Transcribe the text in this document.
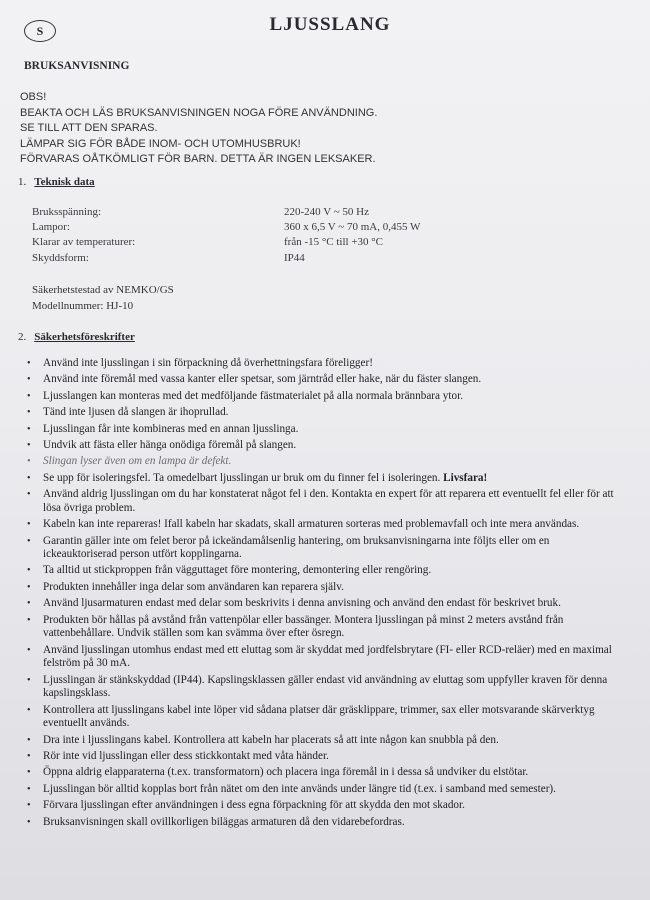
S	LJUSSLANG
BRUKSANVISNING
OBS!
BEAKTA OCH LÄS BRUKSANVISNINGEN NOGA FÖRE ANVÄNDNING.
SE TILL ATT DEN SPARAS.
LÄMPAR SIG FÖR BÅDE INOM- OCH UTOMHUSBRUK!
FÖRVARAS OÅTKÖMLIGT FÖR BARN. DETTA ÄR INGEN LEKSAKER.
1. Teknisk data
Bruksspänning:	220-240 V ~ 50 Hz
Lampor:	360 x 6,5 V ~ 70 mA, 0,455 W
Klarar av temperaturer:	från -15 °C till +30 °C
Skyddsform:	IP44
Säkerhetstestad av NEMKO/GS
Modellnummer: HJ-10
2. Säkerhetsföreskrifter
• Använd inte ljusslingan i sin förpackning då överhettningsfara föreligger!
• Använd inte föremål med vassa kanter eller spetsar, som järntråd eller hake, när du fäster slangen.
• Ljusslangen kan monteras med det medföljande fästmaterialet på alla normala brännbara ytor.
• Tänd inte ljusen då slangen är ihoprullad.
• Ljusslingan får inte kombineras med en annan ljusslinga.
• Undvik att fästa eller hänga onödiga föremål på slangen.
• Slingan lyser även om en lampa är defekt.
• Se upp för isoleringsfel. Ta omedelbart ljusslingan ur bruk om du finner fel i isoleringen. Livsfara!
• Använd aldrig ljusslingan om du har konstaterat något fel i den. Kontakta en expert för att reparera ett eventuellt fel eller för att lösa övriga problem.
• Kabeln kan inte repareras! Ifall kabeln har skadats, skall armaturen sorteras med problemavfall och inte mera användas.
• Garantin gäller inte om felet beror på ickeändamålsenlig hantering, om bruksanvisningarna inte följts eller om en ickeauktoriserad person utfört kopplingarna.
• Ta alltid ut stickproppen från vägguttaget före montering, demontering eller rengöring.
• Produkten innehåller inga delar som användaren kan reparera själv.
• Använd ljusarmaturen endast med delar som beskrivits i denna anvisning och använd den endast för beskrivet bruk.
• Produkten bör hållas på avstånd från vattenpölar eller bassänger. Montera ljusslingan på minst 2 meters avstånd från vattenbehållare. Undvik ställen som kan svämma över efter ösregn.
• Använd ljusslingan utomhus endast med ett eluttag som är skyddat med jordfelsbrytare (FI- eller RCD-reläer) med en maximal felström på 30 mA.
• Ljusslingan är stänkskyddad (IP44). Kapslingsklassen gäller endast vid användning av eluttag som uppfyller kraven för denna kapslingsklass.
• Kontrollera att ljusslingans kabel inte löper vid sådana platser där gräsklippare, trimmer, sax eller motsvarande skärverktyg eventuellt används.
• Dra inte i ljusslingans kabel. Kontrollera att kabeln har placerats så att inte någon kan snubbla på den.
• Rör inte vid ljusslingan eller dess stickkontakt med våta händer.
• Öppna aldrig elapparaterna (t.ex. transformatorn) och placera inga föremål in i dessa så undviker du elstötar.
• Ljusslingan bör alltid kopplas bort från nätet om den inte används under längre tid (t.ex. i samband med semester).
• Förvara ljusslingan efter användningen i dess egna förpackning för att skydda den mot skador.
• Bruksanvisningen skall ovillkorligen biläggas armaturen då den vidarebefordras.
